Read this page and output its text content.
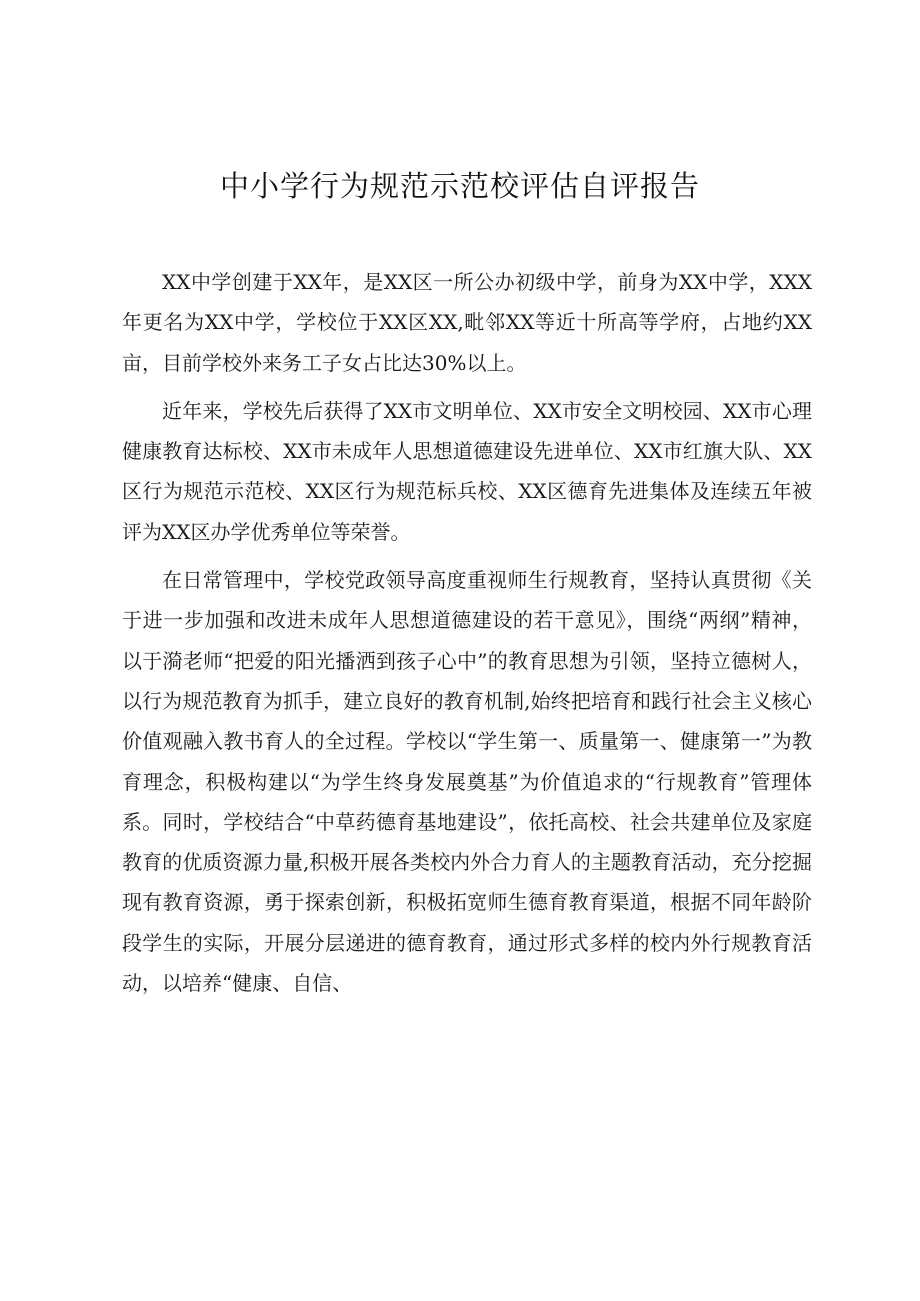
中小学行为规范示范校评估自评报告

XX中学创建于XX年，是XX区一所公办初级中学，前身为XX中学，XXX年更名为XX中学，学校位于XX区XX,毗邻XX等近十所高等学府，占地约XX亩，目前学校外来务工子女占比达30%以上。

近年来，学校先后获得了XX市文明单位、XX市安全文明校园、XX市心理健康教育达标校、XX市未成年人思想道德建设先进单位、XX市红旗大队、XX区行为规范示范校、XX区行为规范标兵校、XX区德育先进集体及连续五年被评为XX区办学优秀单位等荣誉。

在日常管理中，学校党政领导高度重视师生行规教育，坚持认真贯彻《关于进一步加强和改进未成年人思想道德建设的若干意见》，围绕“两纲”精神，以于漪老师“把爱的阳光播洒到孩子心中”的教育思想为引领，坚持立德树人，以行为规范教育为抓手，建立良好的教育机制,始终把培育和践行社会主义核心价值观融入教书育人的全过程。学校以“学生第一、质量第一、健康第一”为教育理念，积极构建以“为学生终身发展奠基”为价值追求的“行规教育”管理体系。同时，学校结合“中草药德育基地建设”，依托高校、社会共建单位及家庭教育的优质资源力量,积极开展各类校内外合力育人的主题教育活动，充分挖掘现有教育资源，勇于探索创新，积极拓宽师生德育教育渠道，根据不同年龄阶段学生的实际，开展分层递进的德育教育，通过形式多样的校内外行规教育活动，以培养“健康、自信、
